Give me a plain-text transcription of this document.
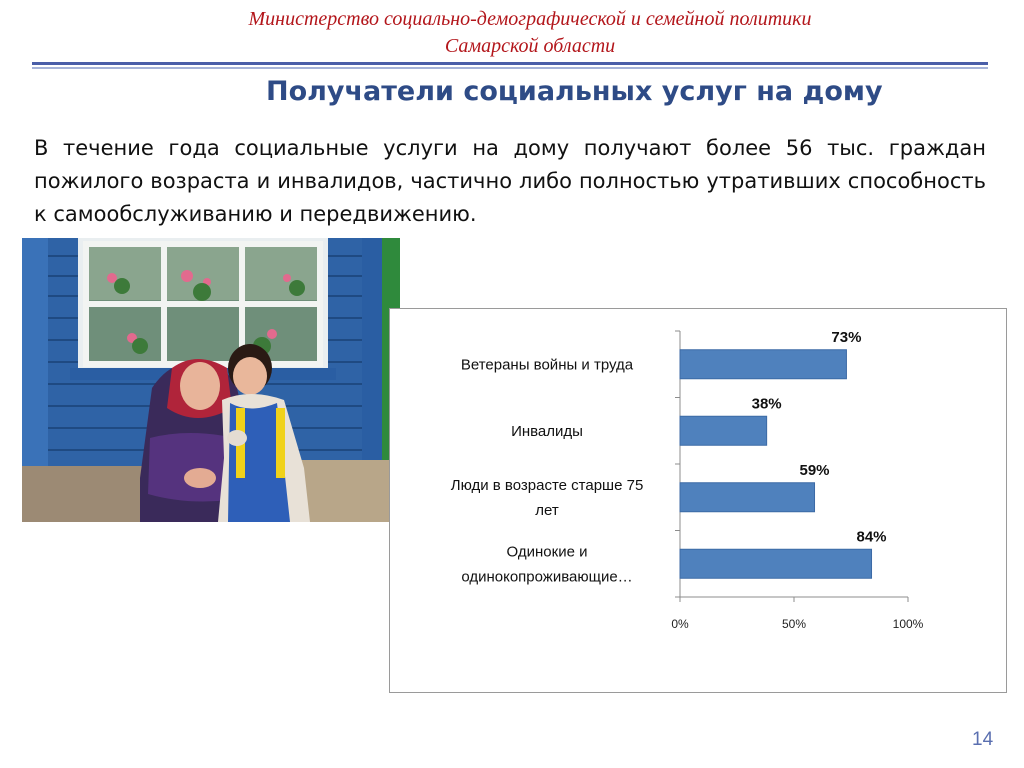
Министерство социально-демографической и семейной политики
Самарской области
Получатели социальных услуг на дому
В течение года социальные услуги на дому получают более 56 тыс. граждан пожилого возраста и инвалидов, частично либо полностью утративших способность к самообслуживанию и передвижению.
0%	50%	100%
73%
Ветераны войны и труда
38%
Инвалиды
59%
Люди в возрасте старше 75 лет
84%
Одинокие и одинокопроживающие…
14
